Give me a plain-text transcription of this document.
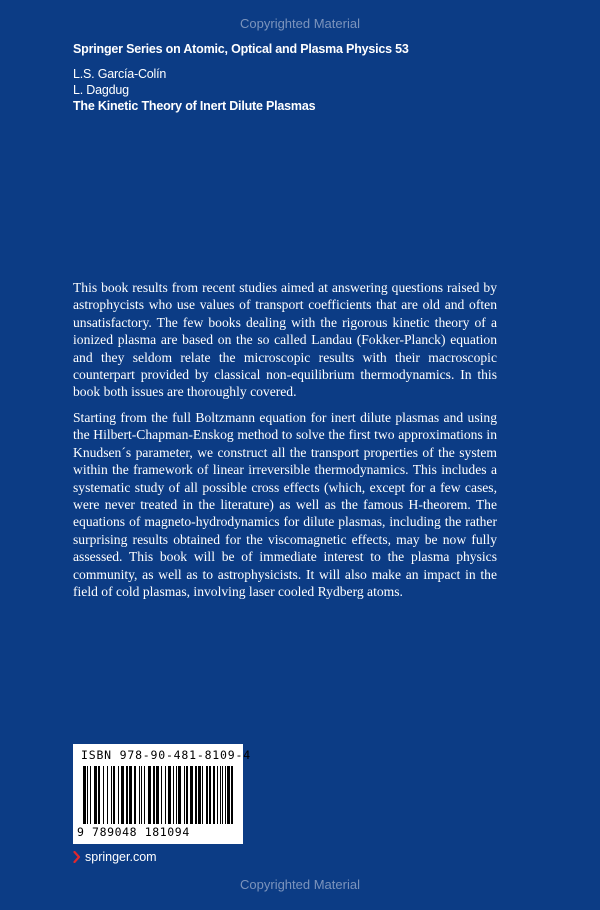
Copyrighted Material
Springer Series on Atomic, Optical and Plasma Physics 53
L.S. García-Colín
L. Dagdug
The Kinetic Theory of Inert Dilute Plasmas
This book results from recent studies aimed at answering questions raised by astrophycists who use values of transport coefficients that are old and often unsatisfactory. The few books dealing with the rigorous kinetic theory of a ionized plasma are based on the so called Landau (Fokker-Planck) equation and they seldom relate the microscopic results with their macroscopic counterpart provided by classical non-equilibrium thermodynamics. In this book both issues are thoroughly covered.
Starting from the full Boltzmann equation for inert dilute plasmas and using the Hilbert-Chapman-Enskog method to solve the first two approximations in Knudsen´s parameter, we construct all the transport properties of the system within the framework of linear irreversible thermodynamics. This includes a systematic study of all possible cross effects (which, except for a few cases, were never treated in the literature) as well as the famous H-theorem. The equations of magneto-hydrodynamics for dilute plasmas, including the rather surprising results obtained for the viscomagnetic effects, may be now fully assessed. This book will be of immediate interest to the plasma physics community, as well as to astrophysicists. It will also make an impact in the field of cold plasmas, involving laser cooled Rydberg atoms.
ISBN 978-90-481-8109-4
9 789048 181094
springer.com
Copyrighted Material
